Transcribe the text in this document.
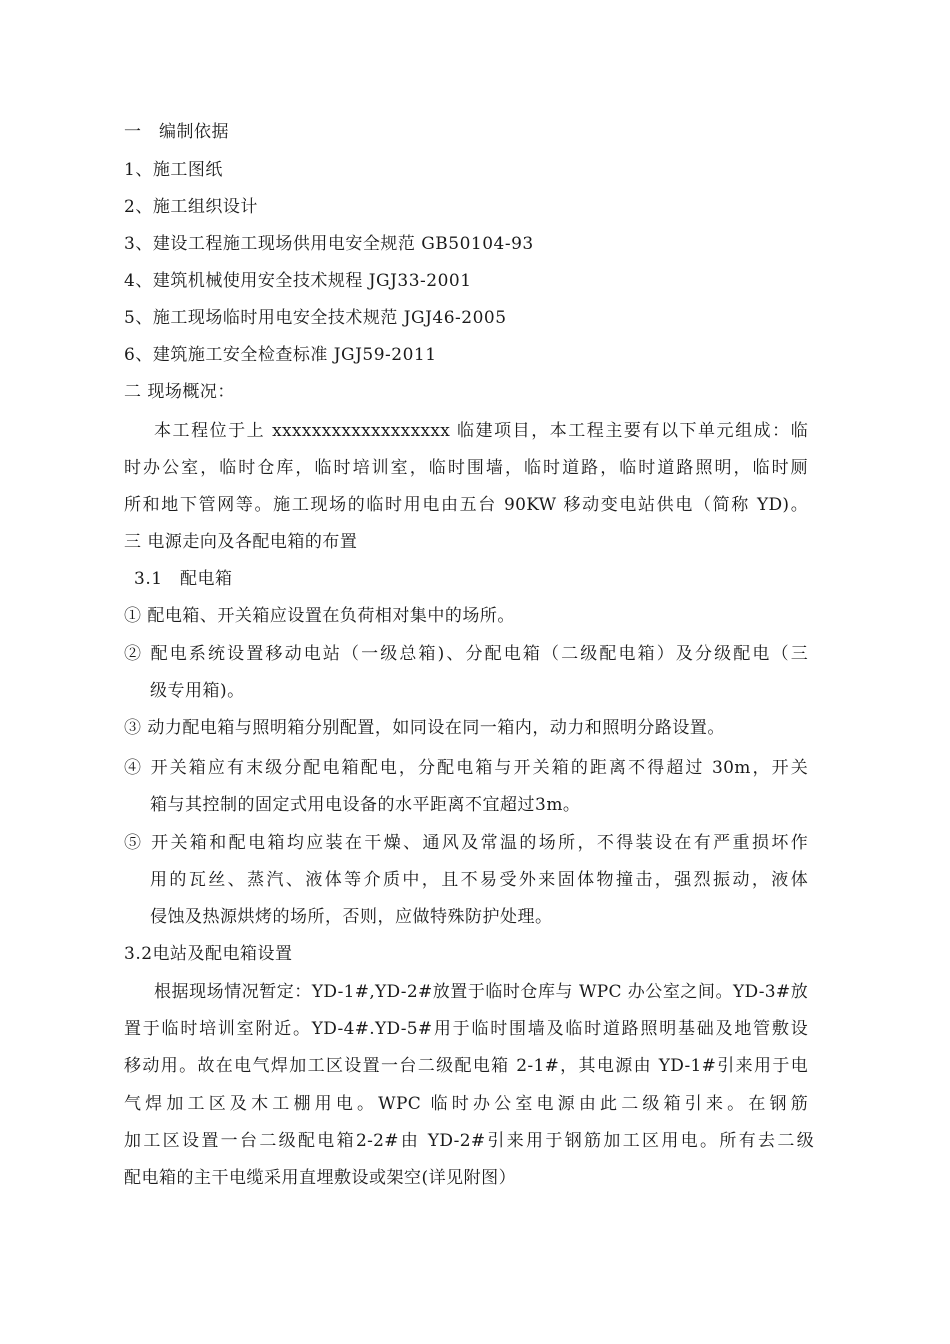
一　编制依据
1、施工图纸
2、施工组织设计
3、建设工程施工现场供用电安全规范 GB50104-93
4、建筑机械使用安全技术规程 JGJ33-2001
5、施工现场临时用电安全技术规范 JGJ46-2005
6、建筑施工安全检查标准 JGJ59-2011
二 现场概况：
本工程位于上 xxxxxxxxxxxxxxxxxx 临建项目，本工程主要有以下单元组成：临
时办公室，临时仓库，临时培训室，临时围墙，临时道路，临时道路照明，临时厕
所和地下管网等。施工现场的临时用电由五台 90KW 移动变电站供电（简称 YD)。
三 电源走向及各配电箱的布置
3.1　配电箱
① 配电箱、开关箱应设置在负荷相对集中的场所。
② 配电系统设置移动电站（一级总箱)、分配电箱（二级配电箱）及分级配电（三
级专用箱)。
③ 动力配电箱与照明箱分别配置，如同设在同一箱内，动力和照明分路设置。
④ 开关箱应有末级分配电箱配电，分配电箱与开关箱的距离不得超过 30m，开关
箱与其控制的固定式用电设备的水平距离不宜超过3m。
⑤ 开关箱和配电箱均应装在干燥、通风及常温的场所，不得装设在有严重损坏作
用的瓦丝、蒸汽、液体等介质中，且不易受外来固体物撞击，强烈振动，液体
侵蚀及热源烘烤的场所，否则，应做特殊防护处理。
3.2电站及配电箱设置
根据现场情况暂定：YD-1#,YD-2#放置于临时仓库与 WPC 办公室之间。YD-3#放
置于临时培训室附近。YD-4#.YD-5#用于临时围墙及临时道路照明基础及地管敷设
移动用。故在电气焊加工区设置一台二级配电箱 2-1#，其电源由 YD-1#引来用于电
气焊加工区及木工棚用电。WPC 临时办公室电源由此二级箱引来。在钢筋
加工区设置一台二级配电箱2-2#由 YD-2#引来用于钢筋加工区用电。所有去二级
配电箱的主干电缆采用直埋敷设或架空(详见附图）
